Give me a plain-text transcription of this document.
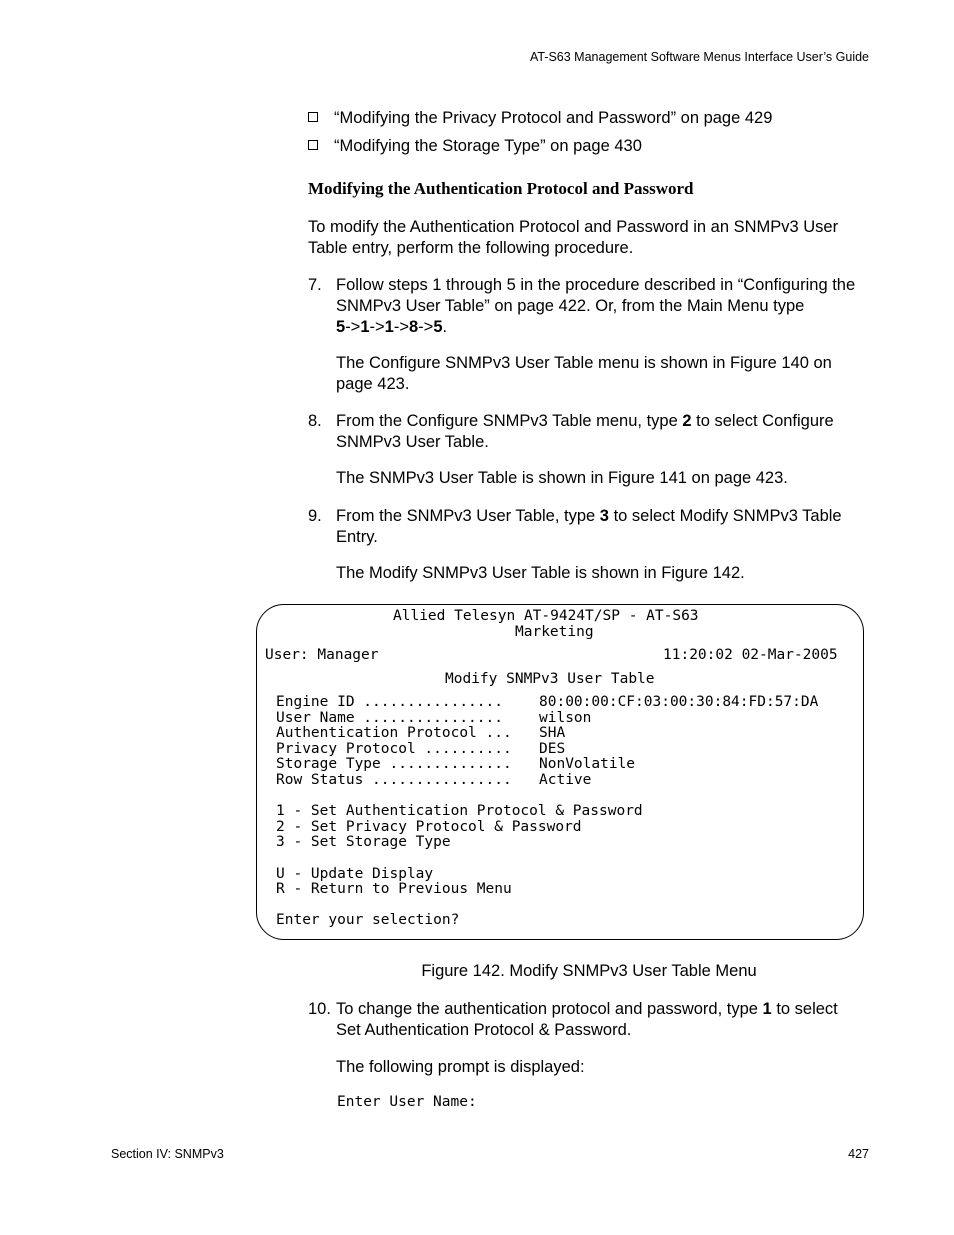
AT-S63 Management Software Menus Interface User’s Guide
“Modifying the Privacy Protocol and Password” on page 429
“Modifying the Storage Type” on page 430
Modifying the Authentication Protocol and Password
To modify the Authentication Protocol and Password in an SNMPv3 User
Table entry, perform the following procedure.
7. Follow steps 1 through 5 in the procedure described in “Configuring the
SNMPv3 User Table” on page 422. Or, from the Main Menu type
5->1->1->8->5.
The Configure SNMPv3 User Table menu is shown in Figure 140 on
page 423.
8. From the Configure SNMPv3 Table menu, type 2 to select Configure
SNMPv3 User Table.
The SNMPv3 User Table is shown in Figure 141 on page 423.
9. From the SNMPv3 User Table, type 3 to select Modify SNMPv3 Table
Entry.
The Modify SNMPv3 User Table is shown in Figure 142.
Allied Telesyn AT-9424T/SP - AT-S63
Marketing
User: Manager	11:20:02 02-Mar-2005
Modify SNMPv3 User Table
Engine ID ................ 80:00:00:CF:03:00:30:84:FD:57:DA
User Name ................ wilson
Authentication Protocol ... SHA
Privacy Protocol .......... DES
Storage Type .............. NonVolatile
Row Status ................ Active
1 - Set Authentication Protocol & Password
2 - Set Privacy Protocol & Password
3 - Set Storage Type
U - Update Display
R - Return to Previous Menu
Enter your selection?
Figure 142. Modify SNMPv3 User Table Menu
10. To change the authentication protocol and password, type 1 to select
Set Authentication Protocol & Password.
The following prompt is displayed:
Enter User Name:
Section IV: SNMPv3	427
